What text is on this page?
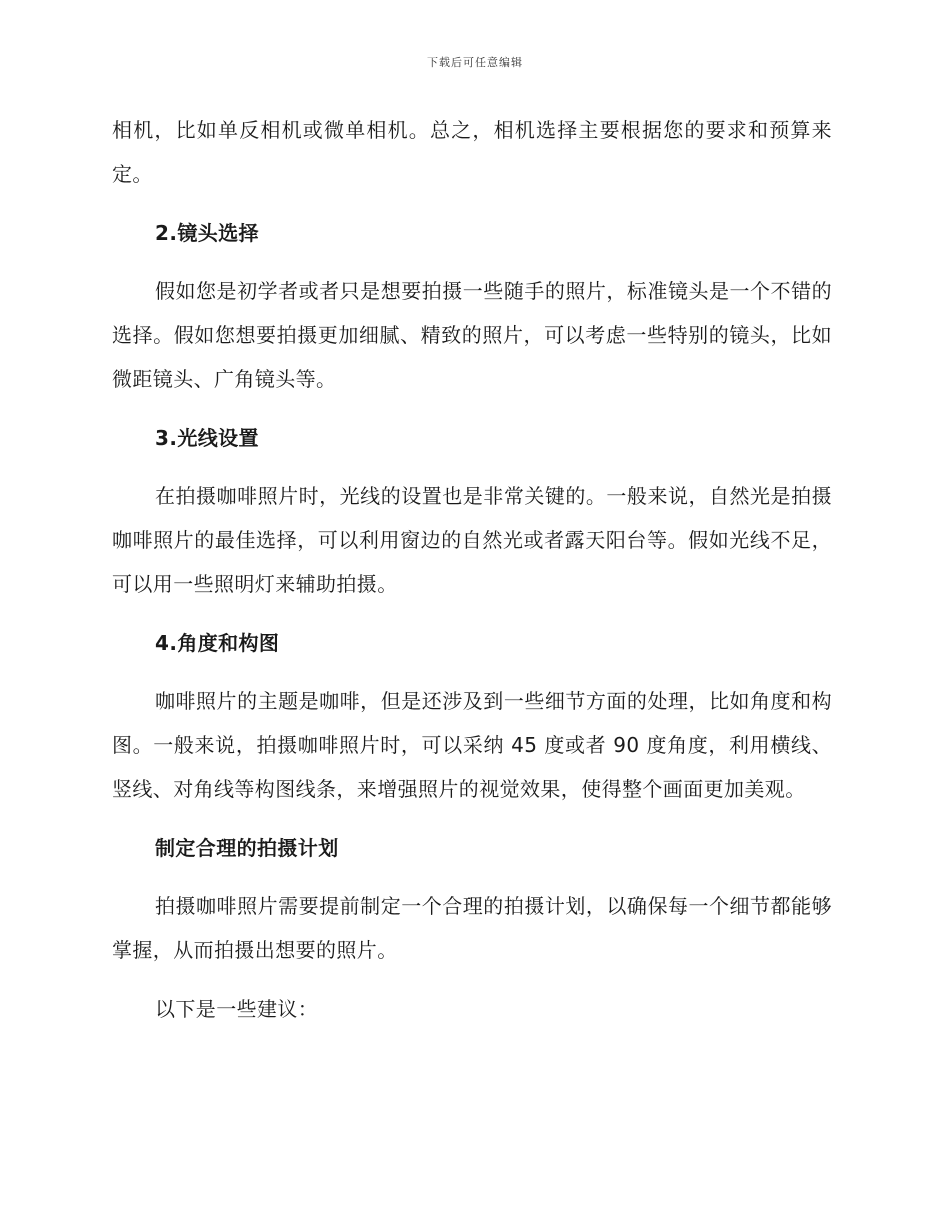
下载后可任意编辑

相机，比如单反相机或微单相机。总之，相机选择主要根据您的要求和预算来定。

2.镜头选择

假如您是初学者或者只是想要拍摄一些随手的照片，标准镜头是一个不错的选择。假如您想要拍摄更加细腻、精致的照片，可以考虑一些特别的镜头，比如微距镜头、广角镜头等。

3.光线设置

在拍摄咖啡照片时，光线的设置也是非常关键的。一般来说，自然光是拍摄咖啡照片的最佳选择，可以利用窗边的自然光或者露天阳台等。假如光线不足，可以用一些照明灯来辅助拍摄。

4.角度和构图

咖啡照片的主题是咖啡，但是还涉及到一些细节方面的处理，比如角度和构图。一般来说，拍摄咖啡照片时，可以采纳 45 度或者 90 度角度，利用横线、竖线、对角线等构图线条，来增强照片的视觉效果，使得整个画面更加美观。

制定合理的拍摄计划

拍摄咖啡照片需要提前制定一个合理的拍摄计划，以确保每一个细节都能够掌握，从而拍摄出想要的照片。

以下是一些建议：
